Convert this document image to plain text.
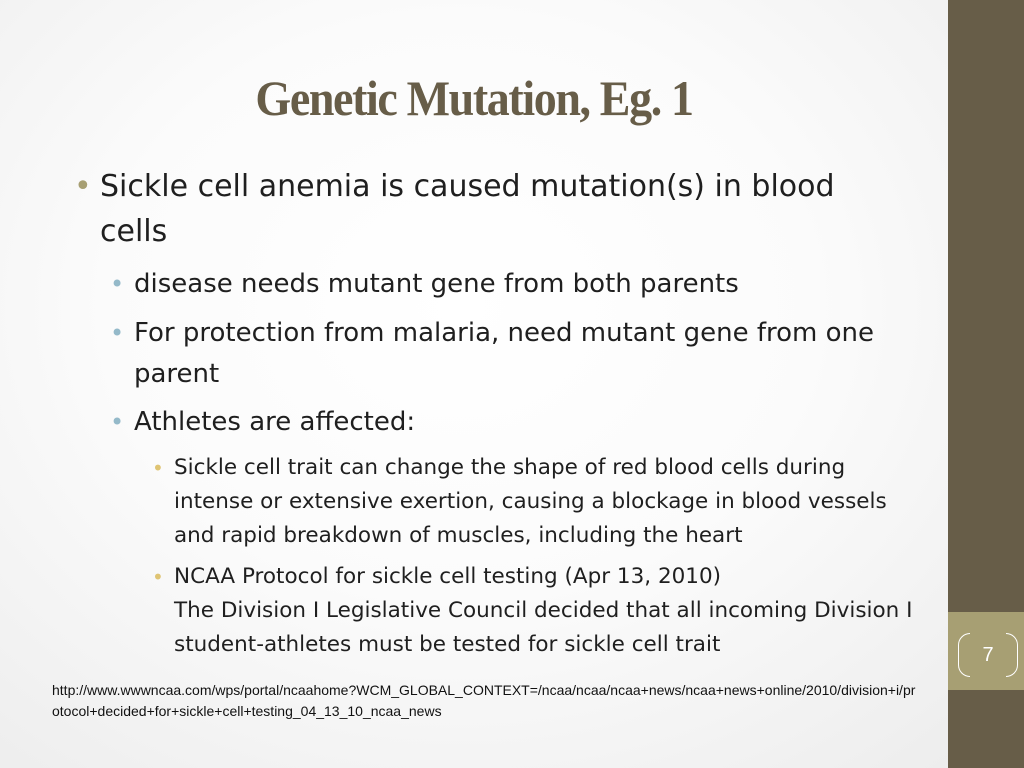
7
Genetic Mutation, Eg. 1
• Sickle cell anemia is caused mutation(s) in blood cells
• disease needs mutant gene from both parents
• For protection from malaria, need mutant gene from one parent
• Athletes are affected:
• Sickle cell trait can change the shape of red blood cells during intense or extensive exertion, causing a blockage in blood vessels and rapid breakdown of muscles, including the heart
• NCAA Protocol for sickle cell testing (Apr 13, 2010)
The Division I Legislative Council decided that all incoming Division I student-athletes must be tested for sickle cell trait
http://www.wwwncaa.com/wps/portal/ncaahome?WCM_GLOBAL_CONTEXT=/ncaa/ncaa/ncaa+news/ncaa+news+online/2010/division+i/protocol+decided+for+sickle+cell+testing_04_13_10_ncaa_news
